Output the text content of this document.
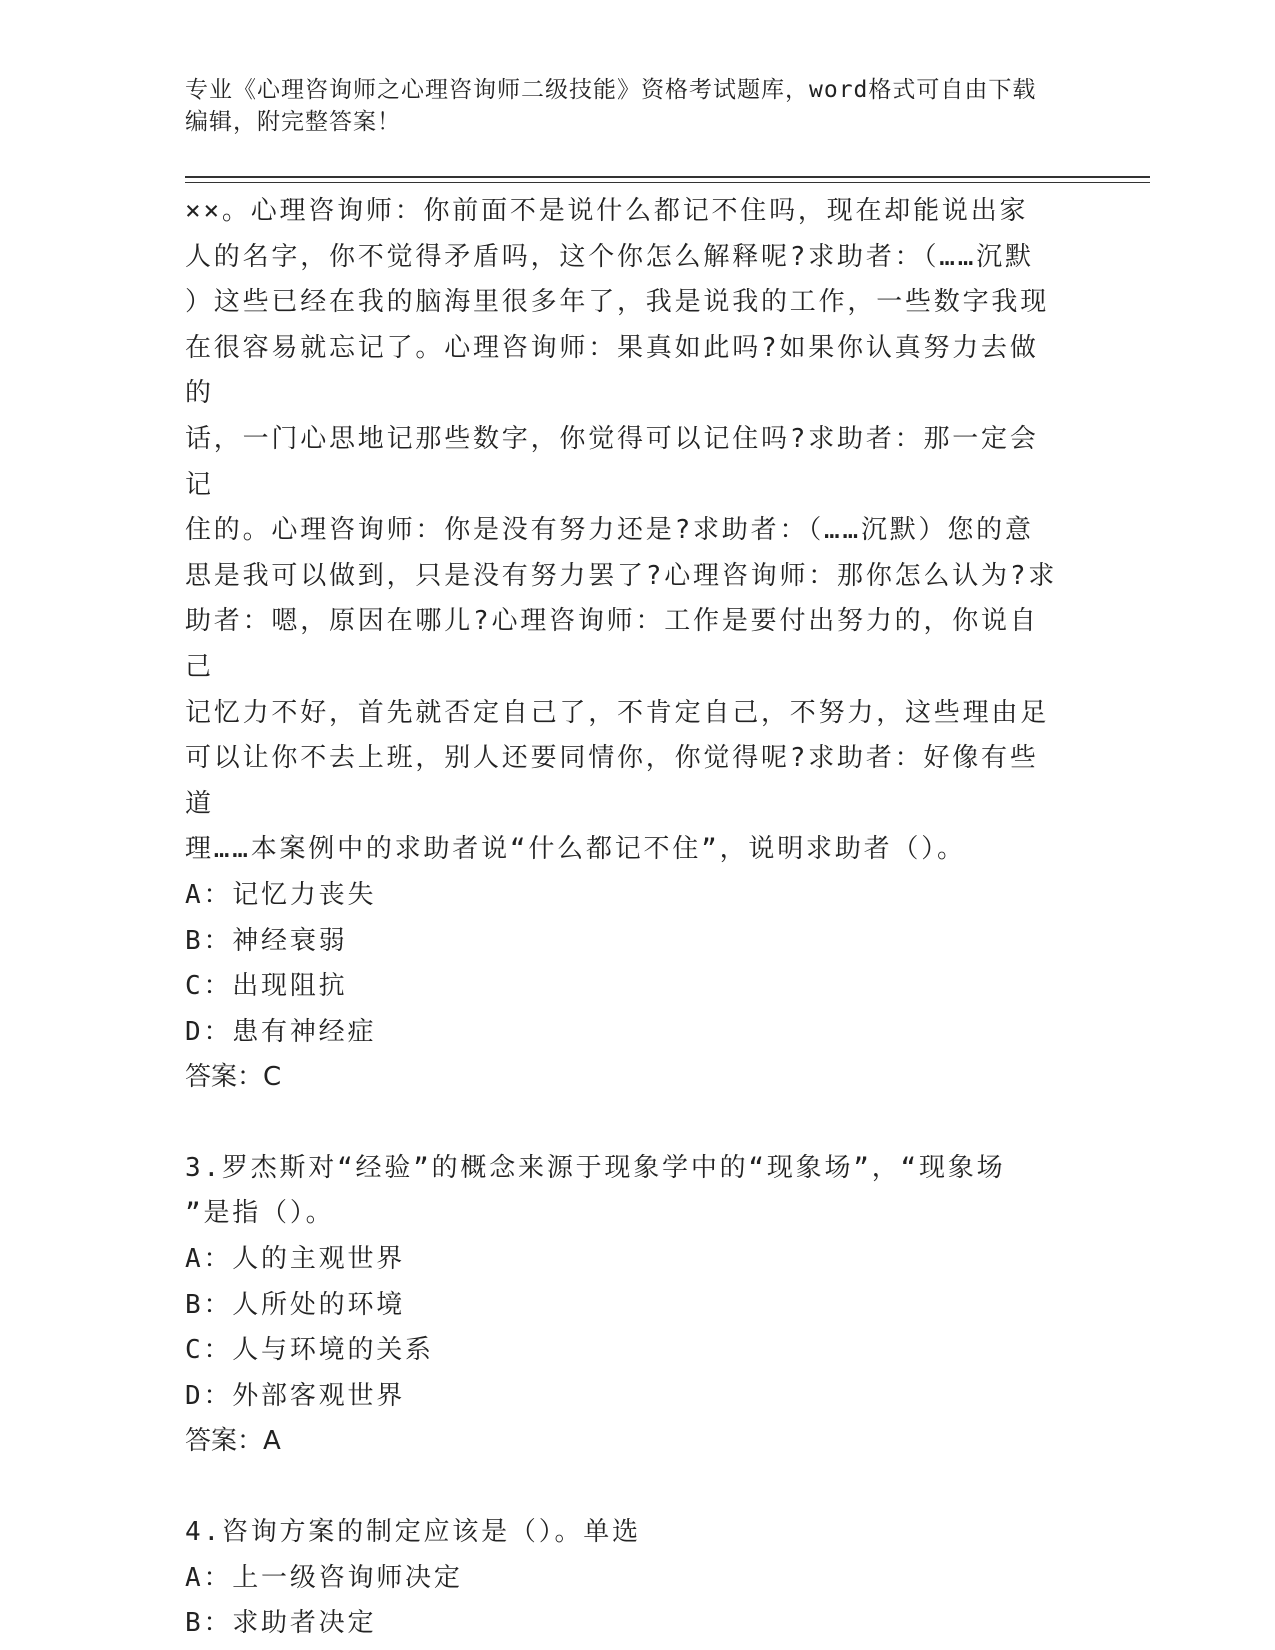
专业《心理咨询师之心理咨询师二级技能》资格考试题库，word格式可自由下载
编辑，附完整答案！

××。心理咨询师：你前面不是说什么都记不住吗，现在却能说出家

人的名字，你不觉得矛盾吗，这个你怎么解释呢?求助者：（……沉默

）这些已经在我的脑海里很多年了，我是说我的工作，一些数字我现

在很容易就忘记了。心理咨询师：果真如此吗?如果你认真努力去做的

话，一门心思地记那些数字，你觉得可以记住吗?求助者：那一定会记

住的。心理咨询师：你是没有努力还是?求助者：（……沉默）您的意

思是我可以做到，只是没有努力罢了?心理咨询师：那你怎么认为?求

助者：嗯，原因在哪儿?心理咨询师：工作是要付出努力的，你说自己

记忆力不好，首先就否定自己了，不肯定自己，不努力，这些理由足

可以让你不去上班，别人还要同情你，你觉得呢?求助者：好像有些道

理……本案例中的求助者说“什么都记不住”，说明求助者（）。

A：记忆力丧失

B：神经衰弱

C：出现阻抗

D：患有神经症

答案：C

3.罗杰斯对“经验”的概念来源于现象学中的“现象场”，“现象场

”是指（）。

A：人的主观世界

B：人所处的环境

C：人与环境的关系

D：外部客观世界

答案：A

4.咨询方案的制定应该是（）。单选

A：上一级咨询师决定

B：求助者决定
